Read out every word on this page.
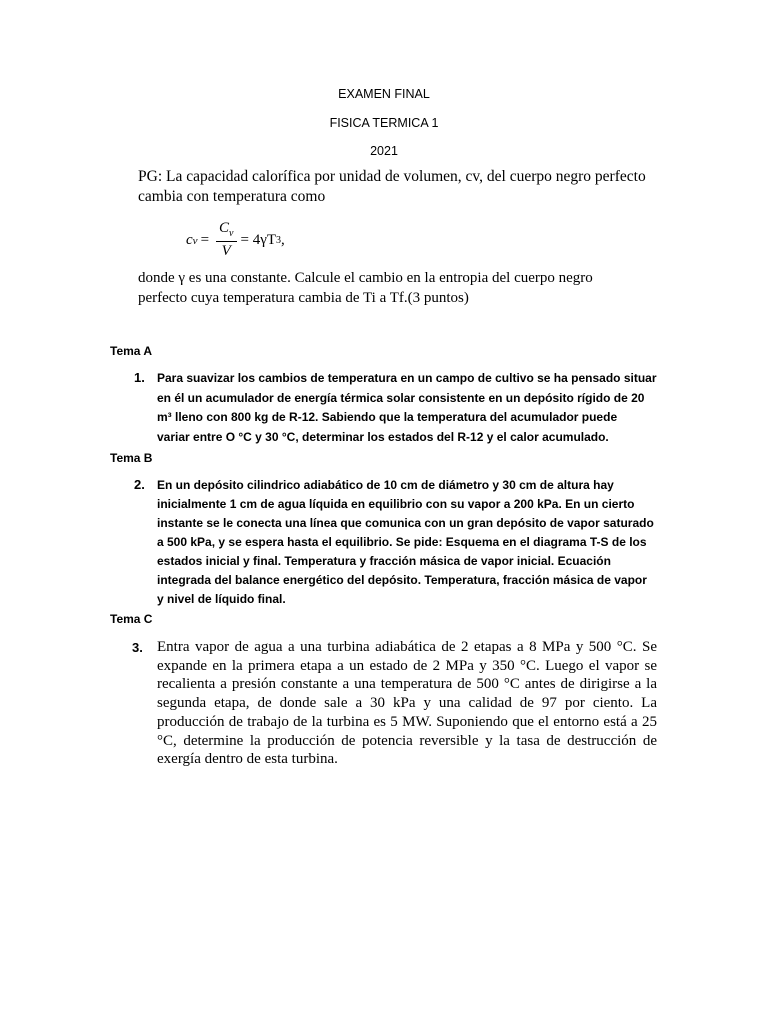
EXAMEN FINAL
FISICA TERMICA 1
2021
PG: La capacidad calorífica por unidad de volumen, cv, del cuerpo negro perfecto
cambia con temperatura como
c $v = \frac{C_v}{V} = 4\gamma T$ 3 ,
donde γ es una constante. Calcule el cambio en la entropia del cuerpo negro
perfecto cuya temperatura cambia de Ti a Tf.(3 puntos)
Tema A
1. Para suavizar los cambios de temperatura en un campo de cultivo se ha pensado situar
en él un acumulador de energía térmica solar consistente en un depósito rígido de 20
m³ lleno con 800 kg de R-12. Sabiendo que la temperatura del acumulador puede
variar entre O °C y 30 °C, determinar los estados del R-12 y el calor acumulado.
Tema B
2. En un depósito cilindrico adiabático de 10 cm de diámetro y 30 cm de altura hay
inicialmente 1 cm de agua líquida en equilibrio con su vapor a 200 kPa. En un cierto
instante se le conecta una línea que comunica con un gran depósito de vapor saturado
a 500 kPa, y se espera hasta el equilibrio. Se pide: Esquema en el diagrama T-S de los
estados inicial y final. Temperatura y fracción másica de vapor inicial. Ecuación
integrada del balance energético del depósito. Temperatura, fracción másica de vapor
y nivel de líquido final.
Tema C
3. Entra vapor de agua a una turbina adiabática de 2 etapas a 8 MPa y 500 °C. Se expande en la primera etapa a un estado de 2 MPa y 350 °C. Luego el vapor se recalienta a presión constante a una temperatura de 500 °C antes de dirigirse a la segunda etapa, de donde sale a 30 kPa y una calidad de 97 por ciento. La producción de trabajo de la turbina es 5 MW. Suponiendo que el entorno está a 25 °C, determine la producción de potencia reversible y la tasa de destrucción de exergía dentro de esta turbina.
